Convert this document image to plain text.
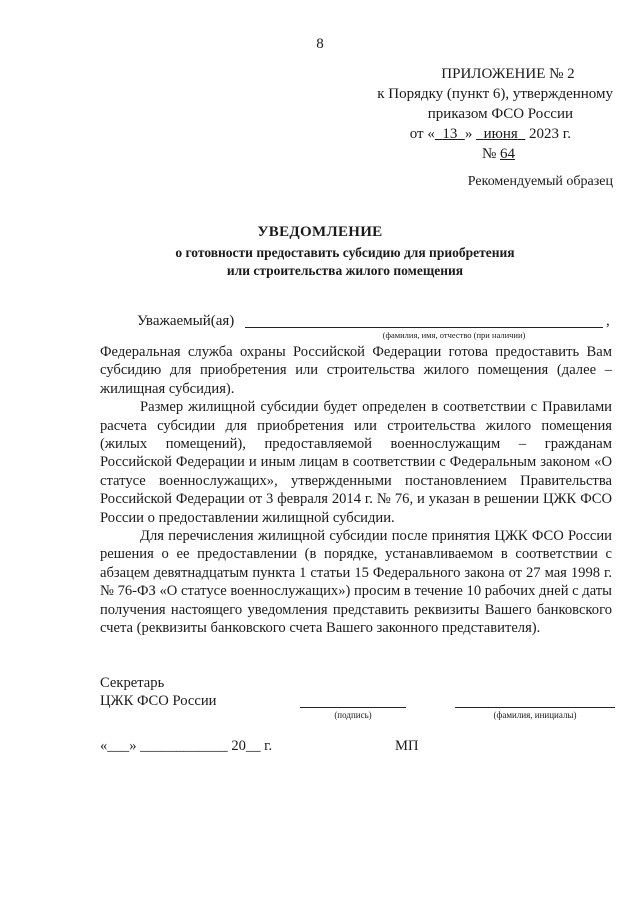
8
ПРИЛОЖЕНИЕ № 2
к Порядку (пункт 6), утвержденному
приказом ФСО России
от « 13 » июня 2023 г.
№ 64
Рекомендуемый образец
УВЕДОМЛЕНИЕ
о готовности предоставить субсидию для приобретения
или строительства жилого помещения
Уважаемый(ая)	,
(фамилия, имя, отчество (при наличии)

Федеральная служба охраны Российской Федерации готова предоставить Вам субсидию для приобретения или строительства жилого помещения (далее – жилищная субсидия).

Размер жилищной субсидии будет определен в соответствии с Правилами расчета субсидии для приобретения или строительства жилого помещения (жилых помещений), предоставляемой военнослужащим – гражданам Российской Федерации и иным лицам в соответствии с Федеральным законом «О статусе военнослужащих», утвержденными постановлением Правительства Российской Федерации от 3 февраля 2014 г. № 76, и указан в решении ЦЖК ФСО России о предоставлении жилищной субсидии.

Для перечисления жилищной субсидии после принятия ЦЖК ФСО России решения о ее предоставлении (в порядке, устанавливаемом в соответствии с абзацем девятнадцатым пункта 1 статьи 15 Федерального закона от 27 мая 1998 г. № 76-ФЗ «О статусе военнослужащих») просим в течение 10 рабочих дней с даты получения настоящего уведомления представить реквизиты Вашего банковского счета (реквизиты банковского счета Вашего законного представителя).

Секретарь
ЦЖК ФСО России
(подпись)	(фамилия, инициалы)
«___» ____________ 20__ г.	МП
